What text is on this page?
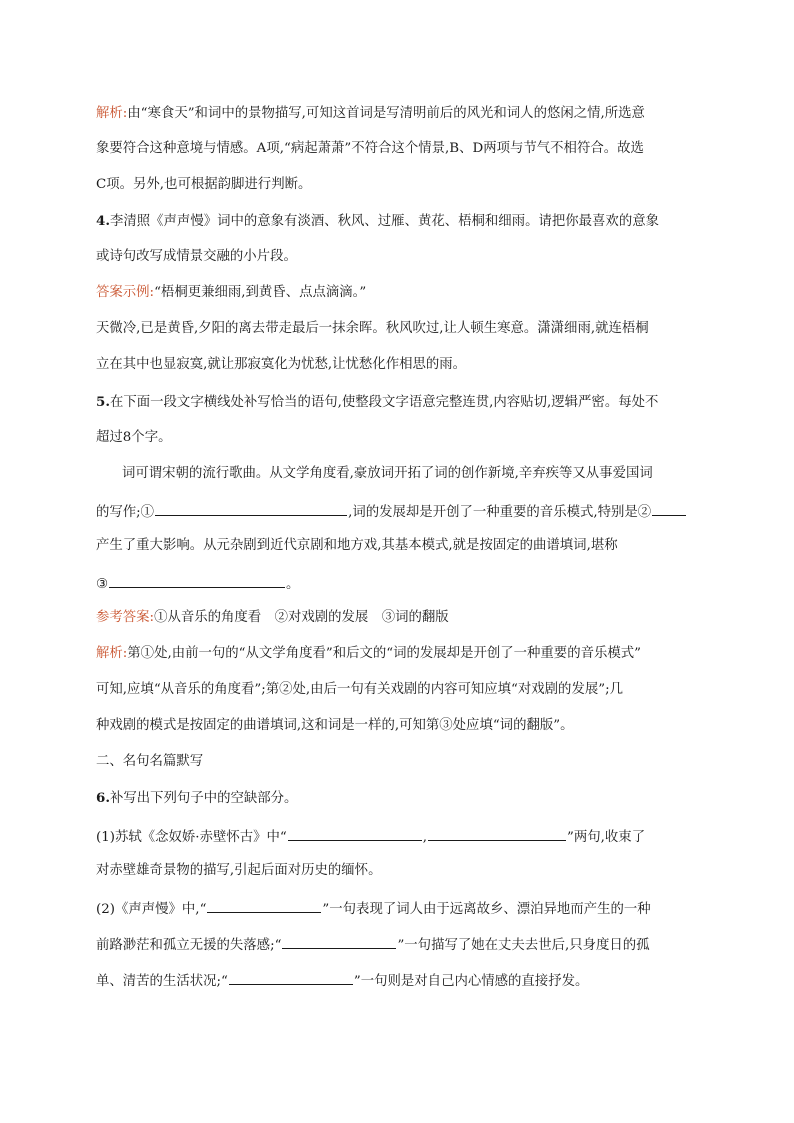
解析:由“寒食天”和词中的景物描写,可知这首词是写清明前后的风光和词人的悠闲之情,所选意
象要符合这种意境与情感。A项,“病起萧萧”不符合这个情景,B、D两项与节气不相符合。故选
C项。另外,也可根据韵脚进行判断。
4.李清照《声声慢》词中的意象有淡酒、秋风、过雁、黄花、梧桐和细雨。请把你最喜欢的意象
或诗句改写成情景交融的小片段。
答案示例:“梧桐更兼细雨,到黄昏、点点滴滴。”
天微冷,已是黄昏,夕阳的离去带走最后一抹余晖。秋风吹过,让人顿生寒意。潇潇细雨,就连梧桐
立在其中也显寂寞,就让那寂寞化为忧愁,让忧愁化作相思的雨。
5.在下面一段文字横线处补写恰当的语句,使整段文字语意完整连贯,内容贴切,逻辑严密。每处不
超过8个字。
词可谓宋朝的流行歌曲。从文学角度看,豪放词开拓了词的创作新境,辛弃疾等又从事爱国词
的写作;①	,词的发展却是开创了一种重要的音乐模式,特别是②
产生了重大影响。从元杂剧到近代京剧和地方戏,其基本模式,就是按固定的曲谱填词,堪称
③	。
参考答案:①从音乐的角度看　②对戏剧的发展　③词的翻版
解析:第①处,由前一句的“从文学角度看”和后文的“词的发展却是开创了一种重要的音乐模式”
可知,应填“从音乐的角度看”;第②处,由后一句有关戏剧的内容可知应填“对戏剧的发展”;几
种戏剧的模式是按固定的曲谱填词,这和词是一样的,可知第③处应填“词的翻版”。
二、名句名篇默写
6.补写出下列句子中的空缺部分。
(1)苏轼《念奴娇·赤壁怀古》中“	,	”两句,收束了
对赤壁雄奇景物的描写,引起后面对历史的缅怀。
(2)《声声慢》中,“	”一句表现了词人由于远离故乡、漂泊异地而产生的一种
前路渺茫和孤立无援的失落感;“	”一句描写了她在丈夫去世后,只身度日的孤
单、清苦的生活状况;“	”一句则是对自己内心情感的直接抒发。
